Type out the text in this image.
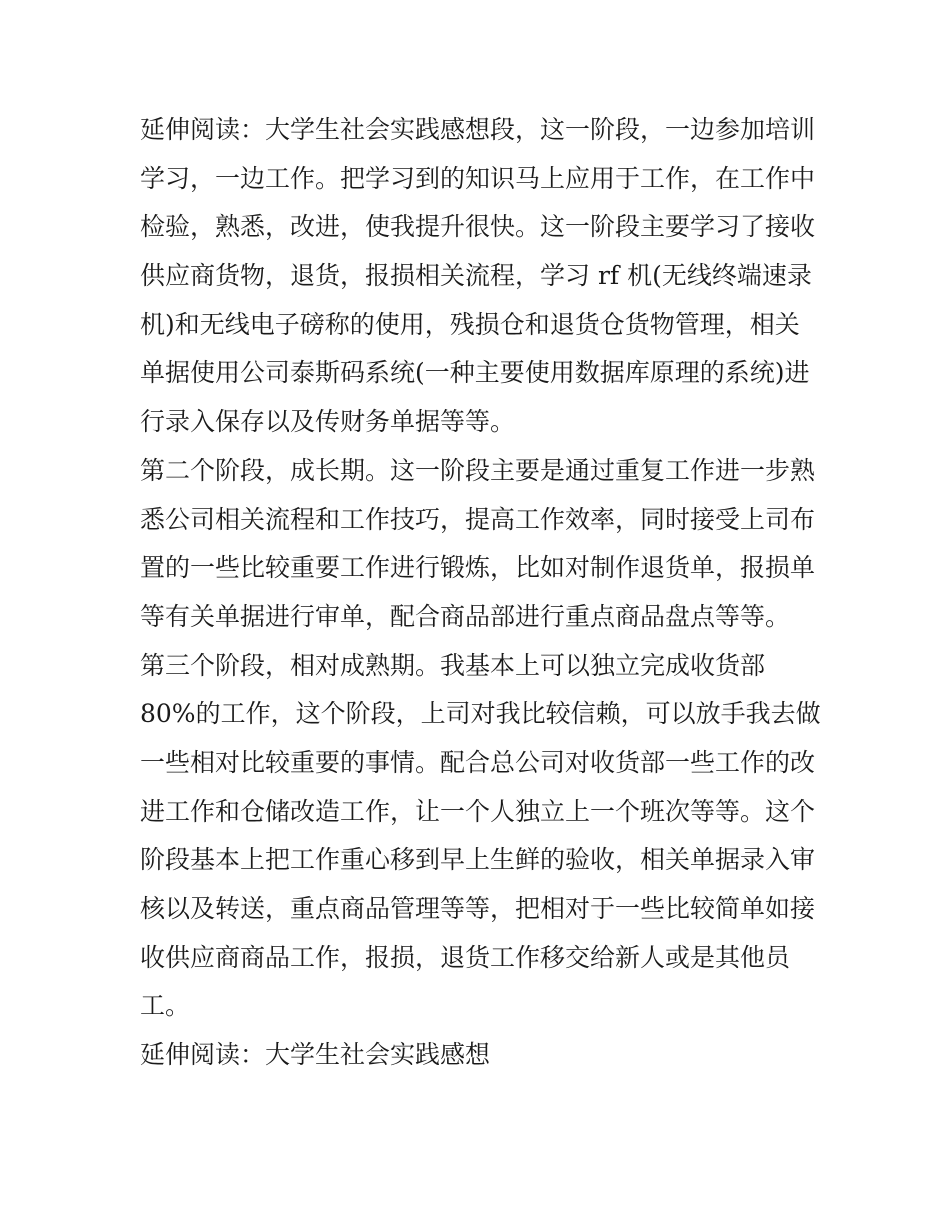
延伸阅读：大学生社会实践感想段，这一阶段，一边参加培训
学习，一边工作。把学习到的知识马上应用于工作，在工作中
检验，熟悉，改进，使我提升很快。这一阶段主要学习了接收
供应商货物，退货，报损相关流程，学习 rf 机(无线终端速录
机)和无线电子磅称的使用，残损仓和退货仓货物管理，相关
单据使用公司泰斯码系统(一种主要使用数据库原理的系统)进
行录入保存以及传财务单据等等。
第二个阶段，成长期。这一阶段主要是通过重复工作进一步熟
悉公司相关流程和工作技巧，提高工作效率，同时接受上司布
置的一些比较重要工作进行锻炼，比如对制作退货单，报损单
等有关单据进行审单，配合商品部进行重点商品盘点等等。
第三个阶段，相对成熟期。我基本上可以独立完成收货部
80%的工作，这个阶段，上司对我比较信赖，可以放手我去做
一些相对比较重要的事情。配合总公司对收货部一些工作的改
进工作和仓储改造工作，让一个人独立上一个班次等等。这个
阶段基本上把工作重心移到早上生鲜的验收，相关单据录入审
核以及转送，重点商品管理等等，把相对于一些比较简单如接
收供应商商品工作，报损，退货工作移交给新人或是其他员
工。
延伸阅读：大学生社会实践感想
